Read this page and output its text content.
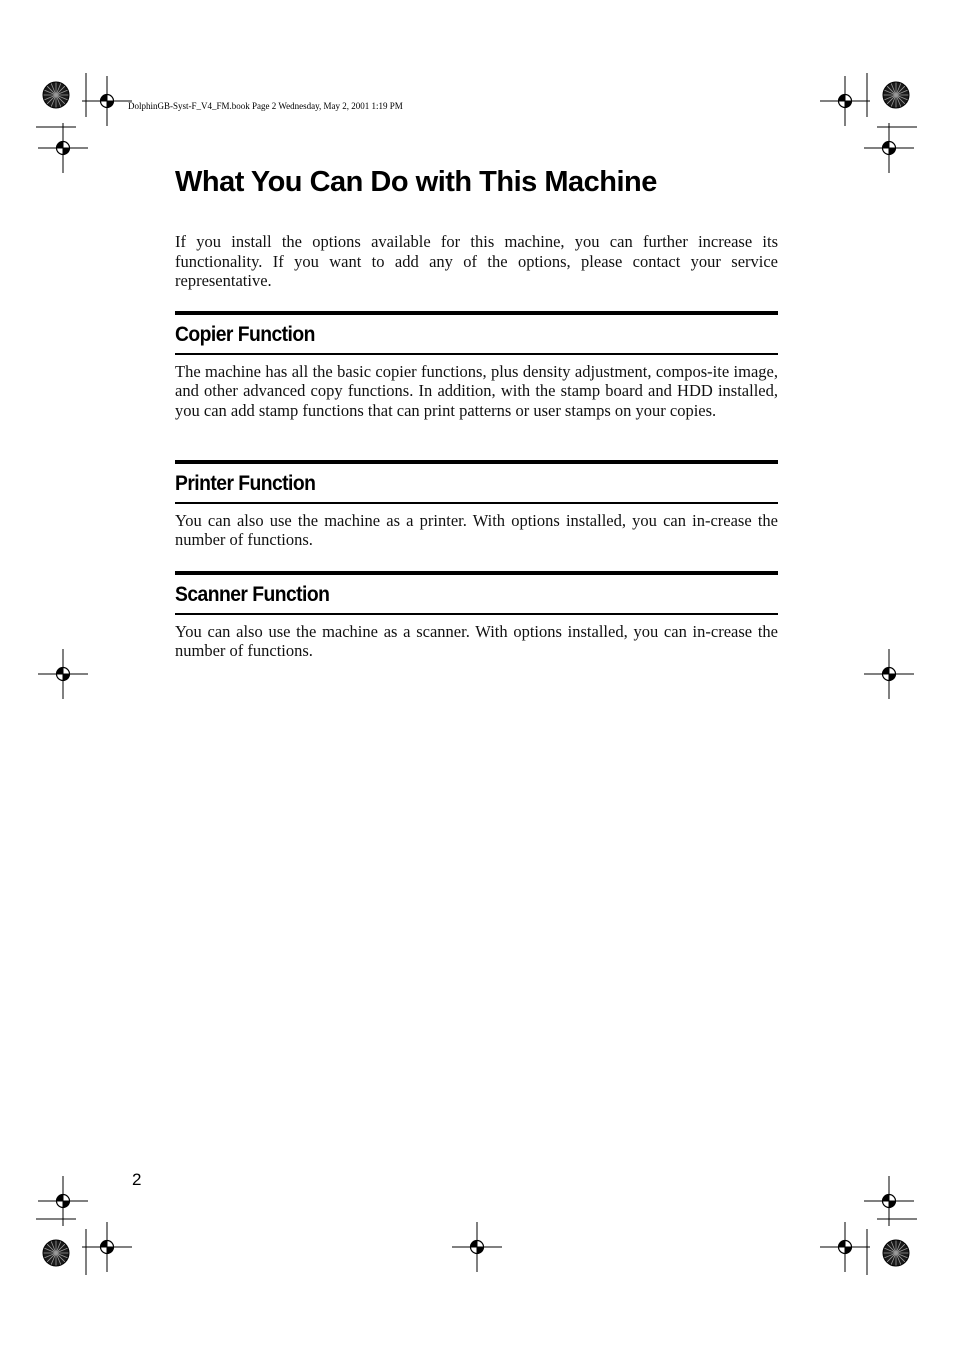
DolphinGB-Syst-F_V4_FM.book Page 2 Wednesday, May 2, 2001 1:19 PM
What You Can Do with This Machine

If you install the options available for this machine, you can further increase its functionality. If you want to add any of the options, please contact your service representative.

Copier Function

The machine has all the basic copier functions, plus density adjustment, compos-ite image, and other advanced copy functions. In addition, with the stamp board and HDD installed, you can add stamp functions that can print patterns or user stamps on your copies.

Printer Function

You can also use the machine as a printer. With options installed, you can in-crease the number of functions.

Scanner Function

You can also use the machine as a scanner. With options installed, you can in-crease the number of functions.

2
